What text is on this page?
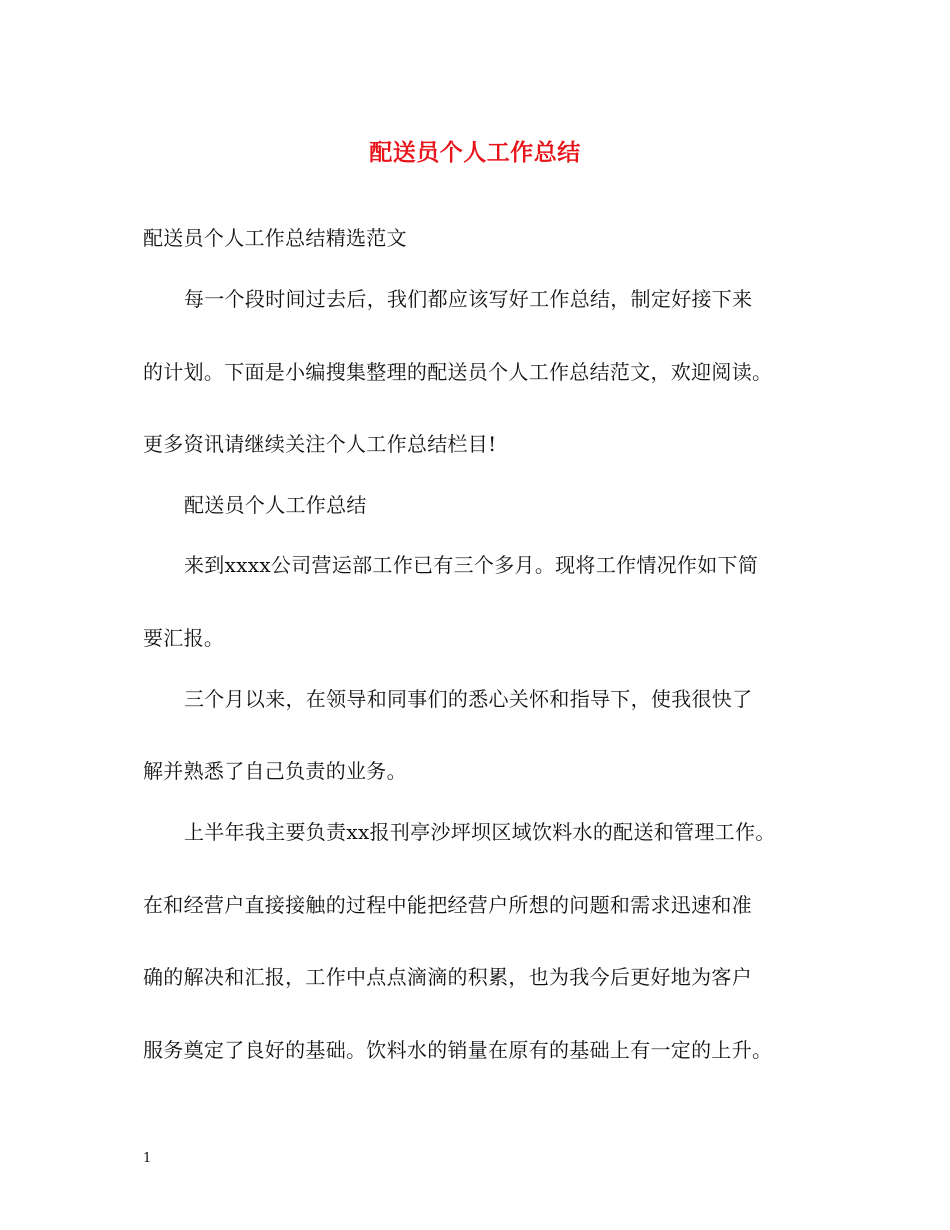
配送员个人工作总结
配送员个人工作总结精选范文
每一个段时间过去后，我们都应该写好工作总结，制定好接下来
的计划。下面是小编搜集整理的配送员个人工作总结范文，欢迎阅读。
更多资讯请继续关注个人工作总结栏目!
配送员个人工作总结
来到xxxx公司营运部工作已有三个多月。现将工作情况作如下简
要汇报。
三个月以来，在领导和同事们的悉心关怀和指导下，使我很快了
解并熟悉了自己负责的业务。
上半年我主要负责xx报刊亭沙坪坝区域饮料水的配送和管理工作。
在和经营户直接接触的过程中能把经营户所想的问题和需求迅速和准
确的解决和汇报，工作中点点滴滴的积累，也为我今后更好地为客户
服务奠定了良好的基础。饮料水的销量在原有的基础上有一定的上升。
1
